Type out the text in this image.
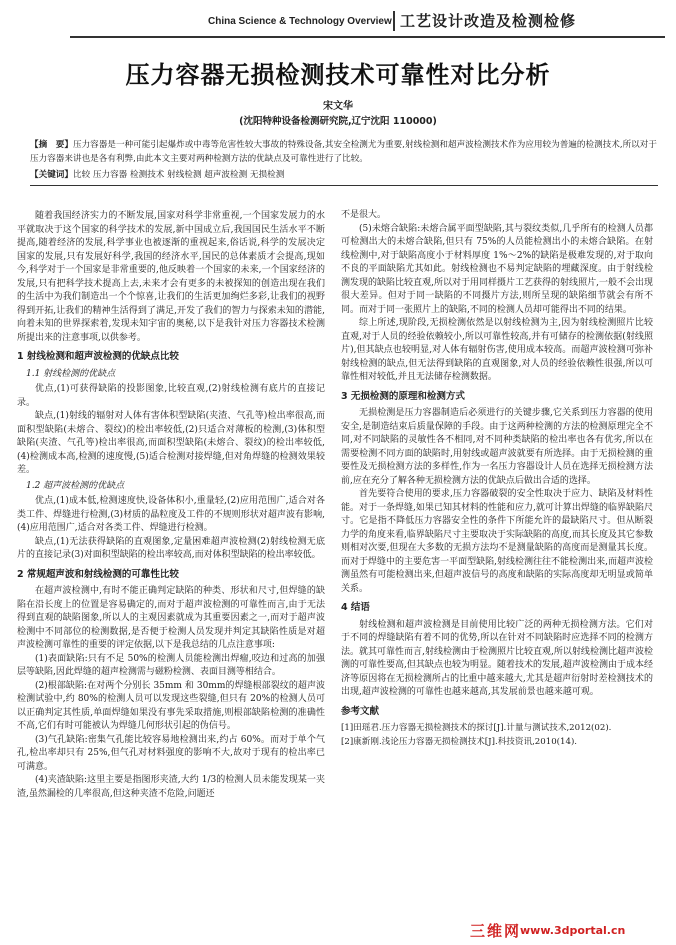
China Science & Technology Overview 工艺设计改造及检测检修
压力容器无损检测技术可靠性对比分析
宋文华
(沈阳特种设备检测研究院,辽宁沈阳 110000)
【摘　要】压力容器是一种可能引起爆炸或中毒等危害性较大事故的特殊设备,其安全检测尤为重要,射线检测和超声波检测技术作为应用较为普遍的检测技术,所以对于压力容器来讲也是各有利弊,由此本文主要对两种检测方法的优缺点及可靠性进行了比较。
【关键词】比较 压力容器 检测技术 射线检测 超声波检测 无损检测

随着我国经济实力的不断发展,国家对科学非常重视,一个国家发展力的水平就取决于这个国家的科学技术的发展,新中国成立后,我国国民生活水平不断提高,随着经济的发展,科学事业也被逐渐的重视起来,俗话说,科学的发展决定国家的发展,只有发展好科学,我国的经济水平,国民的总体素质才会提高,现如今,科学对于一个国家是非常重要的,他反映着一个国家的未来,一个国家经济的发展,只有把科学技术提高上去,未来才会有更多的未被探知的创造出现在我们的生活中为我们制造出一个个惊喜,让我们的生活更加绚烂多彩,让我们的视野得到开拓,让我们的精神生活得到了满足,开发了我们的智力与探索未知的潜能,向着未知的世界探索着,发现未知宇宙的奥秘,以下是我针对压力容器技术检测所提出来的注意事项,以供参考。

1 射线检测和超声波检测的优缺点比较
1.1 射线检测的优缺点

优点,(1)可获得缺陷的投影图象,比较直观,(2)射线检测有底片的直接记录。

缺点,(1)射线的辐射对人体有害体积型缺陷(夹渣、气孔等)检出率很高,而面积型缺陷(未熔合、裂纹)的检出率较低,(2)只适合对薄板的检测,(3)体积型缺陷(夹渣、气孔等)检出率很高,而面积型缺陷(未熔合、裂纹)的检出率较低,(4)检测成本高,检测的速度慢,(5)适合检测对接焊缝,但对角焊缝的检测效果较差。

1.2 超声波检测的优缺点

优点,(1)成本低,检测速度快,设备体积小,重量轻,(2)应用范围广,适合对各类工件、焊缝进行检测,(3)材质的晶粒度及工件的不规则形状对超声波有影响,(4)应用范围广,适合对各类工件、焊缝进行检测。

缺点,(1)无法获得缺陷的直观图象,定量困难超声波检测(2)射线检测无底片的直接记录(3)对面积型缺陷的检出率较高,而对体积型缺陷的检出率较低。

2 常规超声波和射线检测的可靠性比较

在超声波检测中,有时不能正确判定缺陷的种类、形状和尺寸,但焊缝的缺陷在沿长度上的位置是容易确定的,而对于超声波检测的可靠性而言,由于无法得到直观的缺陷图象,所以人的主观因素就成为其重要因素之一,而对于超声波检测中不同部位的检测数据,是否便于检测人员发现并判定其缺陷性质是对超声波检测可靠性的重要的评定依据,以下是我总结的几点注意事项:

(1)表面缺陷:只有不足 50%的检测人员能检测出焊瘤,咬边和过高的加强层等缺陷,因此焊缝的超声检测需与磁粉检测、表面目测等相结合。

(2)根部缺陷:在对两个分别长 35mm 和 30mm的焊缝根部裂纹的超声波检测试验中,约 80%的检测人员可以发现这些裂缝,但只有 20%的检测人员可以正确判定其性质,单面焊缝如果没有事先采取措施,则根部缺陷检测的准确性不高,它们有时可能被认为焊缝几何形状引起的伪信号。

(3)气孔缺陷:密集气孔能比较容易地检测出来,约占 60%。而对于单个气孔,检出率却只有 25%,但气孔对材料强度的影响不大,故对于现有的检出率已可满意。

(4)夹渣缺陷:这里主要是指图形夹渣,大约 1/3的检测人员未能发现某一夹渣,虽然漏检的几率很高,但这种夹渣不危险,问题还

不是很大。

(5)未熔合缺陷:未熔合属平面型缺陷,其与裂纹类似,几乎所有的检测人员都可检测出大的未熔合缺陷,但只有 75%的人员能检测出小的未熔合缺陷。在射线检测中,对于缺陷高度小于材料厚度 1%～2%的缺陷是极难发现的,对于取向不良的平面缺陷尤其如此。射线检测也不易判定缺陷的埋藏深度。由于射线检测发现的缺陷比较直观,所以对于用同样摄片工艺获得的射线照片,一般不会出现很大差异。但对于同一缺陷的不同摄片方法,则所呈现的缺陷细节就会有所不同。而对于同一张照片上的缺陷,不同的检测人员却可能得出不同的结果。

综上所述,现阶段,无损检测依然是以射线检测为主,因为射线检测照片比较直观,对于人员的经验依赖较小,所以可靠性较高,并有可储存的检测依据(射线照片),但其缺点也较明显,对人体有辐射伤害,使用成本较高。而超声波检测可弥补射线检测的缺点,但无法得到缺陷的直观图象,对人员的经验依赖性很强,所以可靠性相对较低,并且无法储存检测数据。

3 无损检测的原理和检测方式

无损检测是压力容器制造后必须进行的关键步骤,它关系到压力容器的使用安全,是制造结束后质量保障的手段。由于这两种检测的方法的检测原理完全不同,对不同缺陷的灵敏性各不相同,对不同种类缺陷的检出率也各有优劣,所以在需要检测不同方面的缺陷时,用射线或超声波就要有所选择。由于无损检测的重要性及无损检测方法的多样性,作为一名压力容器设计人员在选择无损检测方法前,应在充分了解各种无损检测方法的优缺点后做出合适的选择。

首先要符合使用的要求,压力容器破裂的安全性取决于应力、缺陷及材料性能。对于一条焊缝,如果已知其材料的性能和应力,就可计算出焊缝的临界缺陷尺寸。它是指不降低压力容器安全性的条件下所能允许的最缺陷尺寸。但从断裂力学的角度来看,临界缺陷尺寸主要取决于实际缺陷的高度,而其长度及其它参数则相对次要,但现在大多数的无损方法均不是测量缺陷的高度而是测量其长度。而对于焊缝中的主要危害一平面型缺陷,射线检测往往不能检测出来,而超声波检测虽然有可能检测出来,但超声波信号的高度和缺陷的实际高度却无明显或简单关系。

4 结语

射线检测和超声波检测是目前使用比较广泛的两种无损检测方法。它们对于不同的焊缝缺陷有着不同的优势,所以在针对不同缺陷时应选择不同的检测方法。就其可靠性而言,射线检测由于检测照片比较直观,所以射线检测比超声波检测的可靠性要高,但其缺点也较为明显。随着技术的发展,超声波检测由于成本经济等原因将在无损检测所占的比重中越来越大,尤其是超声衍射时差检测技术的出现,超声波检测的可靠性也越来越高,其发展前景也越来越可观。

参考文献

[1]田瑶君.压力容器无损检测技术的探讨[J].计量与测试技术,2012(02).

[2]康新刚.浅论压力容器无损检测技术[J].科技资讯,2010(14).

三维网
www.3dportal.cn
